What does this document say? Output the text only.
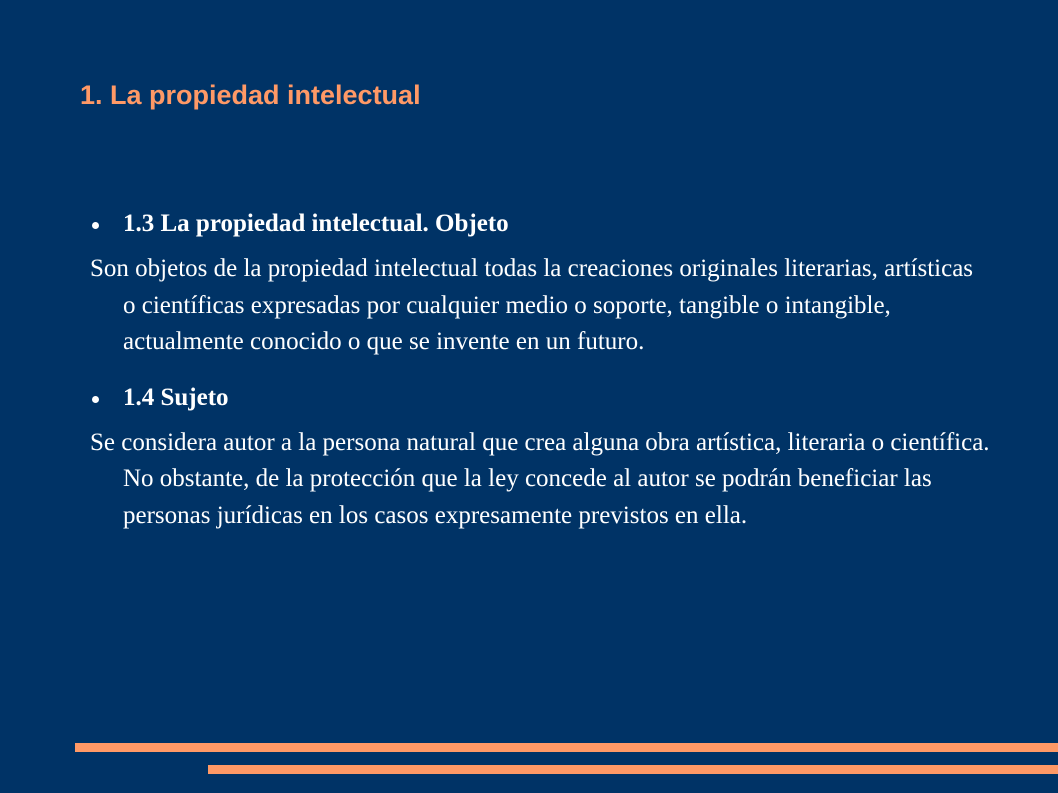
1. La propiedad intelectual
1.3 La propiedad intelectual. Objeto

Son objetos de la propiedad intelectual todas la creaciones originales literarias, artísticas o científicas expresadas por cualquier medio o soporte, tangible o intangible, actualmente conocido o que se invente en un futuro.

1.4 Sujeto

Se considera autor a la persona natural que crea alguna obra artística, literaria o científica. No obstante, de la protección que la ley concede al autor se podrán beneficiar las personas jurídicas en los casos expresamente previstos en ella.
